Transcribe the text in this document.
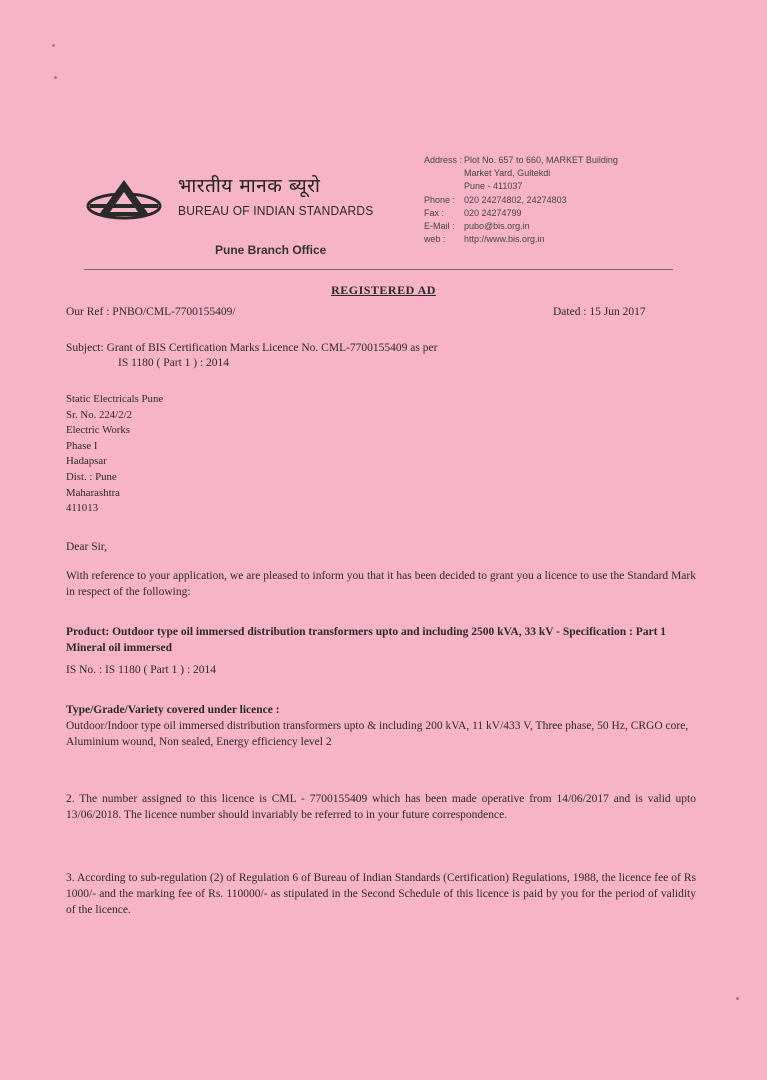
भारतीय मानक ब्यूरो
BUREAU OF INDIAN STANDARDS
Pune Branch Office
Address : Plot No. 657 to 660, MARKET Building
Market Yard, Gultekdi
Pune - 411037
Phone : 020 24274802, 24274803
Fax :	020 24274799
E-Mail :	pubo@bis.org.in
web :	http://www.bis.org.in
REGISTERED AD
Our Ref : PNBO/CML-7700155409/	Dated : 15 Jun 2017
Subject: Grant of BIS Certification Marks Licence No. CML-7700155409 as per
IS 1180 ( Part 1 ) : 2014
Static Electricals Pune
Sr. No. 224/2/2
Electric Works
Phase I
Hadapsar
Dist. : Pune
Maharashtra
411013
Dear Sir,
With reference to your application, we are pleased to inform you that it has been decided to grant you a licence to use the Standard Mark in respect of the following:
Product: Outdoor type oil immersed distribution transformers upto and including 2500 kVA, 33 kV - Specification : Part 1 Mineral oil immersed
IS No. : IS 1180 ( Part 1 ) : 2014
Type/Grade/Variety covered under licence :
Outdoor/Indoor type oil immersed distribution transformers upto & including 200 kVA, 11 kV/433 V, Three phase, 50 Hz, CRGO core, Aluminium wound, Non sealed, Energy efficiency level 2
2. The number assigned to this licence is CML - 7700155409 which has been made operative from 14/06/2017 and is valid upto 13/06/2018. The licence number should invariably be referred to in your future correspondence.
3. According to sub-regulation (2) of Regulation 6 of Bureau of Indian Standards (Certification) Regulations, 1988, the licence fee of Rs 1000/- and the marking fee of Rs. 110000/- as stipulated in the Second Schedule of this licence is paid by you for the period of validity of the licence.
